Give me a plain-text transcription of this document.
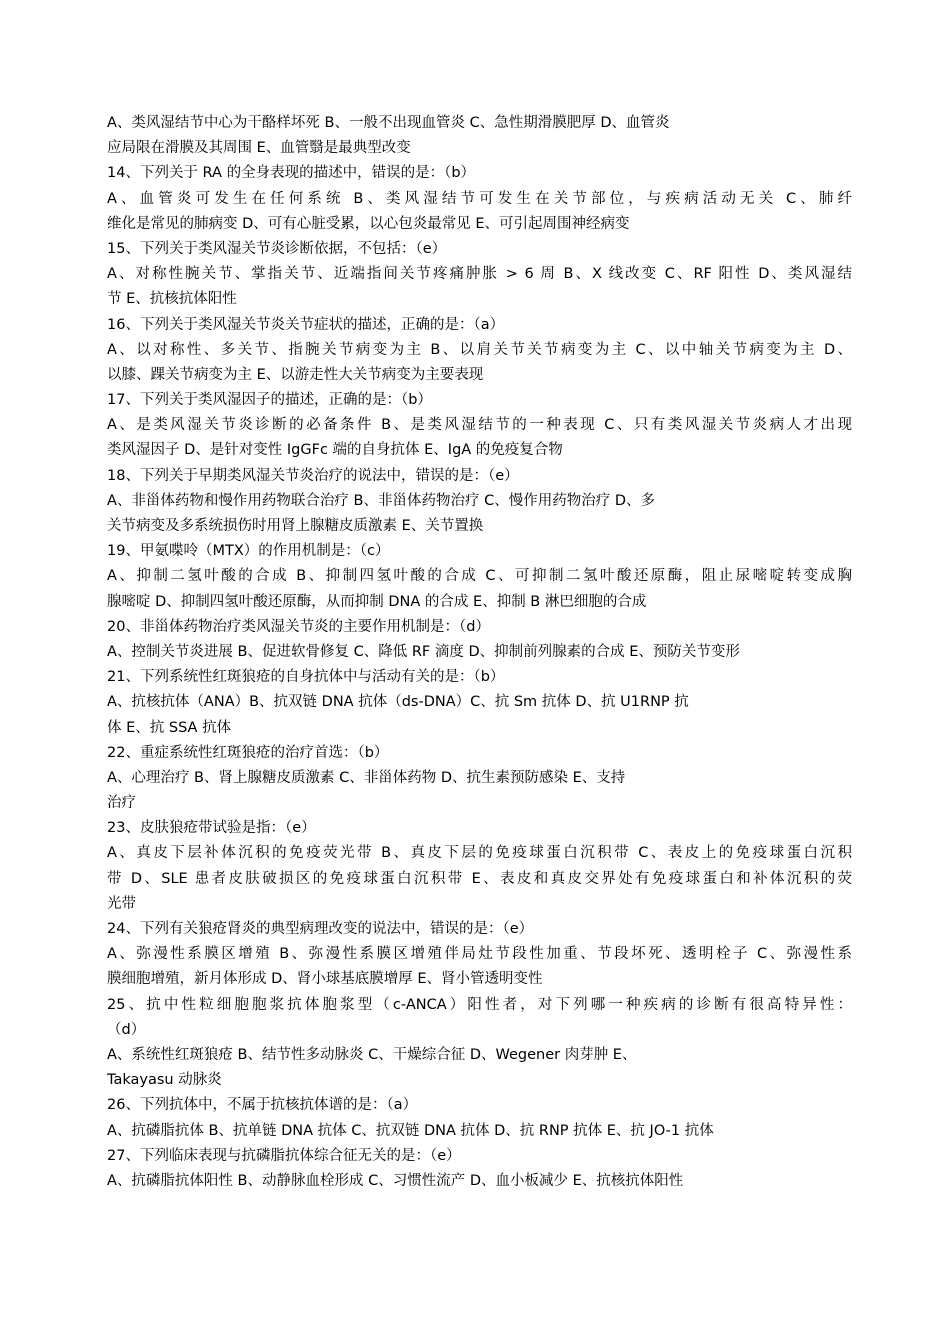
A、类风湿结节中心为干酪样坏死 B、一般不出现血管炎 C、急性期滑膜肥厚 D、血管炎
应局限在滑膜及其周围 E、血管翳是最典型改变
14、下列关于 RA 的全身表现的描述中，错误的是：（b）
A、血管炎可发生在任何系统 B、类风湿结节可发生在关节部位，与疾病活动无关 C、肺纤
维化是常见的肺病变 D、可有心脏受累，以心包炎最常见 E、可引起周围神经病变
15、下列关于类风湿关节炎诊断依据，不包括：（e）
A、对称性腕关节、掌指关节、近端指间关节疼痛肿胀 > 6 周 B、X 线改变 C、RF 阳性 D、类风湿结
节 E、抗核抗体阳性
16、下列关于类风湿关节炎关节症状的描述，正确的是：（a）
A、以对称性、多关节、指腕关节病变为主 B、以肩关节关节病变为主 C、以中轴关节病变为主 D、
以膝、踝关节病变为主 E、以游走性大关节病变为主要表现
17、下列关于类风湿因子的描述，正确的是：（b）
A、是类风湿关节炎诊断的必备条件 B、是类风湿结节的一种表现 C、只有类风湿关节炎病人才出现
类风湿因子 D、是针对变性 IgGFc 端的自身抗体 E、IgA 的免疫复合物
18、下列关于早期类风湿关节炎治疗的说法中，错误的是：（e）
A、非甾体药物和慢作用药物联合治疗 B、非甾体药物治疗 C、慢作用药物治疗 D、多
关节病变及多系统损伤时用肾上腺糖皮质激素 E、关节置换
19、甲氨喋呤（MTX）的作用机制是：（c）
A、抑制二氢叶酸的合成 B、抑制四氢叶酸的合成 C、可抑制二氢叶酸还原酶，阻止尿嘧啶转变成胸
腺嘧啶 D、抑制四氢叶酸还原酶，从而抑制 DNA 的合成 E、抑制 B 淋巴细胞的合成
20、非甾体药物治疗类风湿关节炎的主要作用机制是：（d）
A、控制关节炎进展 B、促进软骨修复 C、降低 RF 滴度 D、抑制前列腺素的合成 E、预防关节变形
21、下列系统性红斑狼疮的自身抗体中与活动有关的是：（b）
A、抗核抗体（ANA）B、抗双链 DNA 抗体（ds-DNA）C、抗 Sm 抗体 D、抗 U1RNP 抗
体 E、抗 SSA 抗体
22、重症系统性红斑狼疮的治疗首选：（b）
A、心理治疗 B、肾上腺糖皮质激素 C、非甾体药物 D、抗生素预防感染 E、支持
治疗
23、皮肤狼疮带试验是指：（e）
A、真皮下层补体沉积的免疫荧光带 B、真皮下层的免疫球蛋白沉积带 C、表皮上的免疫球蛋白沉积
带 D、SLE 患者皮肤破损区的免疫球蛋白沉积带 E、表皮和真皮交界处有免疫球蛋白和补体沉积的荧
光带
24、下列有关狼疮肾炎的典型病理改变的说法中，错误的是：（e）
A、弥漫性系膜区增殖 B、弥漫性系膜区增殖伴局灶节段性加重、节段坏死、透明栓子 C、弥漫性系
膜细胞增殖，新月体形成 D、肾小球基底膜增厚 E、肾小管透明变性
25、抗中性粒细胞胞浆抗体胞浆型（c-ANCA）阳性者，对下列哪一种疾病的诊断有很高特异性：
（d）
A、系统性红斑狼疮 B、结节性多动脉炎 C、干燥综合征 D、Wegener 肉芽肿 E、
Takayasu 动脉炎
26、下列抗体中，不属于抗核抗体谱的是：（a）
A、抗磷脂抗体 B、抗单链 DNA 抗体 C、抗双链 DNA 抗体 D、抗 RNP 抗体 E、抗 JO-1 抗体
27、下列临床表现与抗磷脂抗体综合征无关的是：（e）
A、抗磷脂抗体阳性 B、动静脉血栓形成 C、习惯性流产 D、血小板减少 E、抗核抗体阳性
